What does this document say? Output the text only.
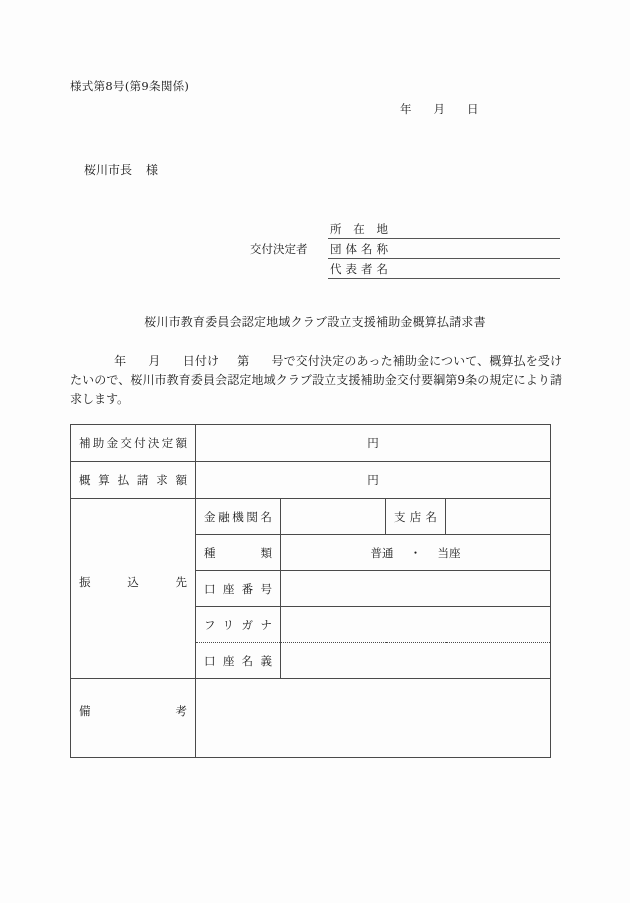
様式第8号(第9条関係)
年 月 日
桜川市長 様
交付決定者
所 在 地
団体名称
代表者名
桜川市教育委員会認定地域クラブ設立支援補助金概算払請求書
年 月 日付け 第 号で交付決定のあった補助金について、概算払を受けたいので、桜川市教育委員会認定地域クラブ設立支援補助金交付要綱第9条の規定により請求します。
補助金交付決定額	円			
概算払請求額	円			

振込先	金融機関名		支店名	
	種類	普通 ・ 当座		
	口座番号			
	フリガナ			
	口座名義			

備考				
